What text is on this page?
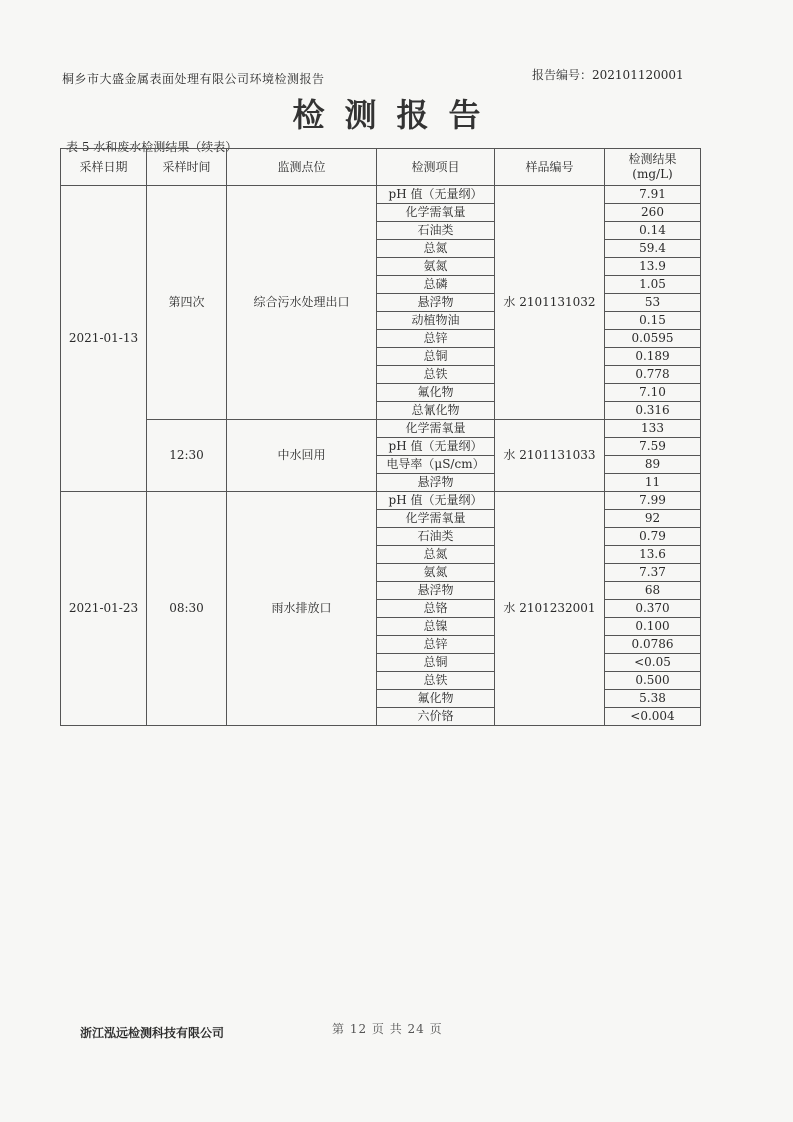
桐乡市大盛金属表面处理有限公司环境检测报告	报告编号：202101120001
检测报告
表 5 水和废水检测结果（续表）
采样日期	采样时间	监测点位	检测项目	样品编号	检测结果
(mg/L)
2021-01-13	第四次	综合污水处理出口	pH 值（无量纲）	水 2101131032	7.91
			化学需氧量		260
			石油类		0.14
			总氮		59.4
			氨氮		13.9
			总磷		1.05
			悬浮物		53
			动植物油		0.15
			总锌		0.0595
			总铜		0.189
			总铁		0.778
			氟化物		7.10
			总氰化物		0.316
	12:30	中水回用	化学需氧量	水 2101131033	133
			pH 值（无量纲）		7.59
			电导率（μS/cm）		89
			悬浮物		11
2021-01-23	08:30	雨水排放口	pH 值（无量纲）	水 2101232001	7.99
			化学需氧量		92
			石油类		0.79
			总氮		13.6
			氨氮		7.37
			悬浮物		68
			总铬		0.370
			总镍		0.100
			总锌		0.0786
			总铜		<0.05
			总铁		0.500
			氟化物		5.38
			六价铬		<0.004
浙江泓远检测科技有限公司	第 12 页 共 24 页
